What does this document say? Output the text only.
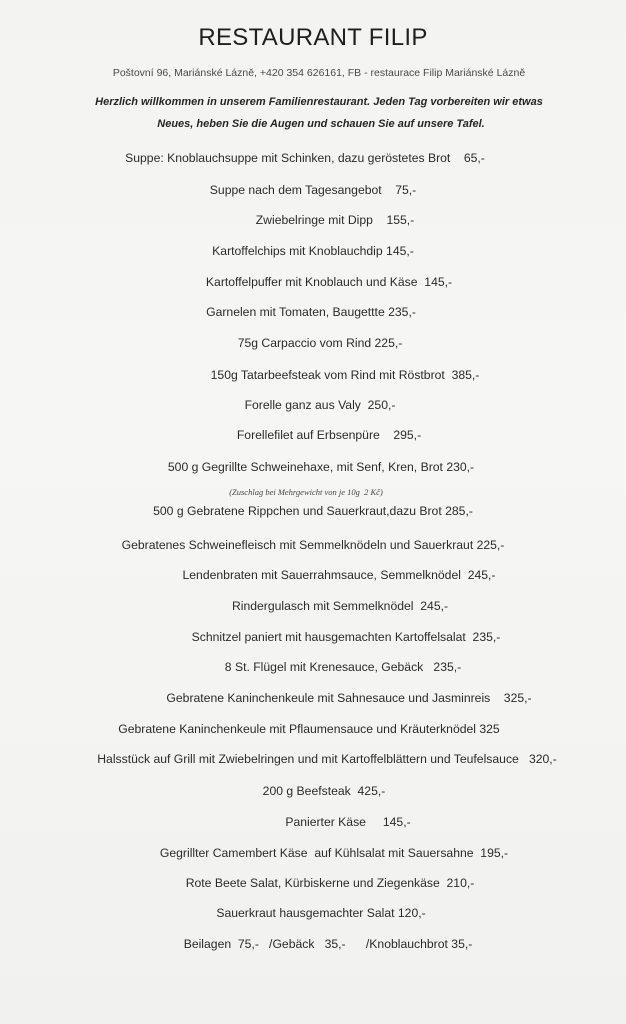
RESTAURANT FILIP
Poštovní 96, Mariánské Lázně, +420 354 626161, FB - restaurace Filip Mariánské Lázně
Herzlich willkommen in unserem Familienrestaurant. Jeden Tag vorbereiten wir etwas
Neues, heben Sie die Augen und schauen Sie auf unsere Tafel.
Suppe: Knoblauchsuppe mit Schinken, dazu geröstetes Brot    65,-
Suppe nach dem Tagesangebot    75,-
Zwiebelringe mit Dipp    155,-
Kartoffelchips mit Knoblauchdip 145,-
Kartoffelpuffer mit Knoblauch und Käse  145,-
Garnelen mit Tomaten, Baugettte 235,-
75g Carpaccio vom Rind 225,-
150g Tatarbeefsteak vom Rind mit Röstbrot  385,-
Forelle ganz aus Valy  250,-
Forellefilet auf Erbsenpüre    295,-
500 g Gegrillte Schweinehaxe, mit Senf, Kren, Brot 230,-
(Zuschlag bei Mehrgewicht von je 10g  2 Kč)
500 g Gebratene Rippchen und Sauerkraut,dazu Brot 285,-
Gebratenes Schweinefleisch mit Semmelknödeln und Sauerkraut 225,-
Lendenbraten mit Sauerrahmsauce, Semmelknödel  245,-
Rindergulasch mit Semmelknödel  245,-
Schnitzel paniert mit hausgemachten Kartoffelsalat  235,-
8 St. Flügel mit Krenesauce, Gebäck   235,-
Gebratene Kaninchenkeule mit Sahnesauce und Jasminreis    325,-
Gebratene Kaninchenkeule mit Pflaumensauce und Kräuterknödel 325
Halsstück auf Grill mit Zwiebelringen und mit Kartoffelblättern und Teufelsauce   320,-
200 g Beefsteak  425,-
Panierter Käse     145,-
Gegrillter Camembert Käse  auf Kühlsalat mit Sauersahne  195,-
Rote Beete Salat, Kürbiskerne und Ziegenkäse  210,-
Sauerkraut hausgemachter Salat 120,-
Beilagen  75,-   /Gebäck   35,-      /Knoblauchbrot 35,-
